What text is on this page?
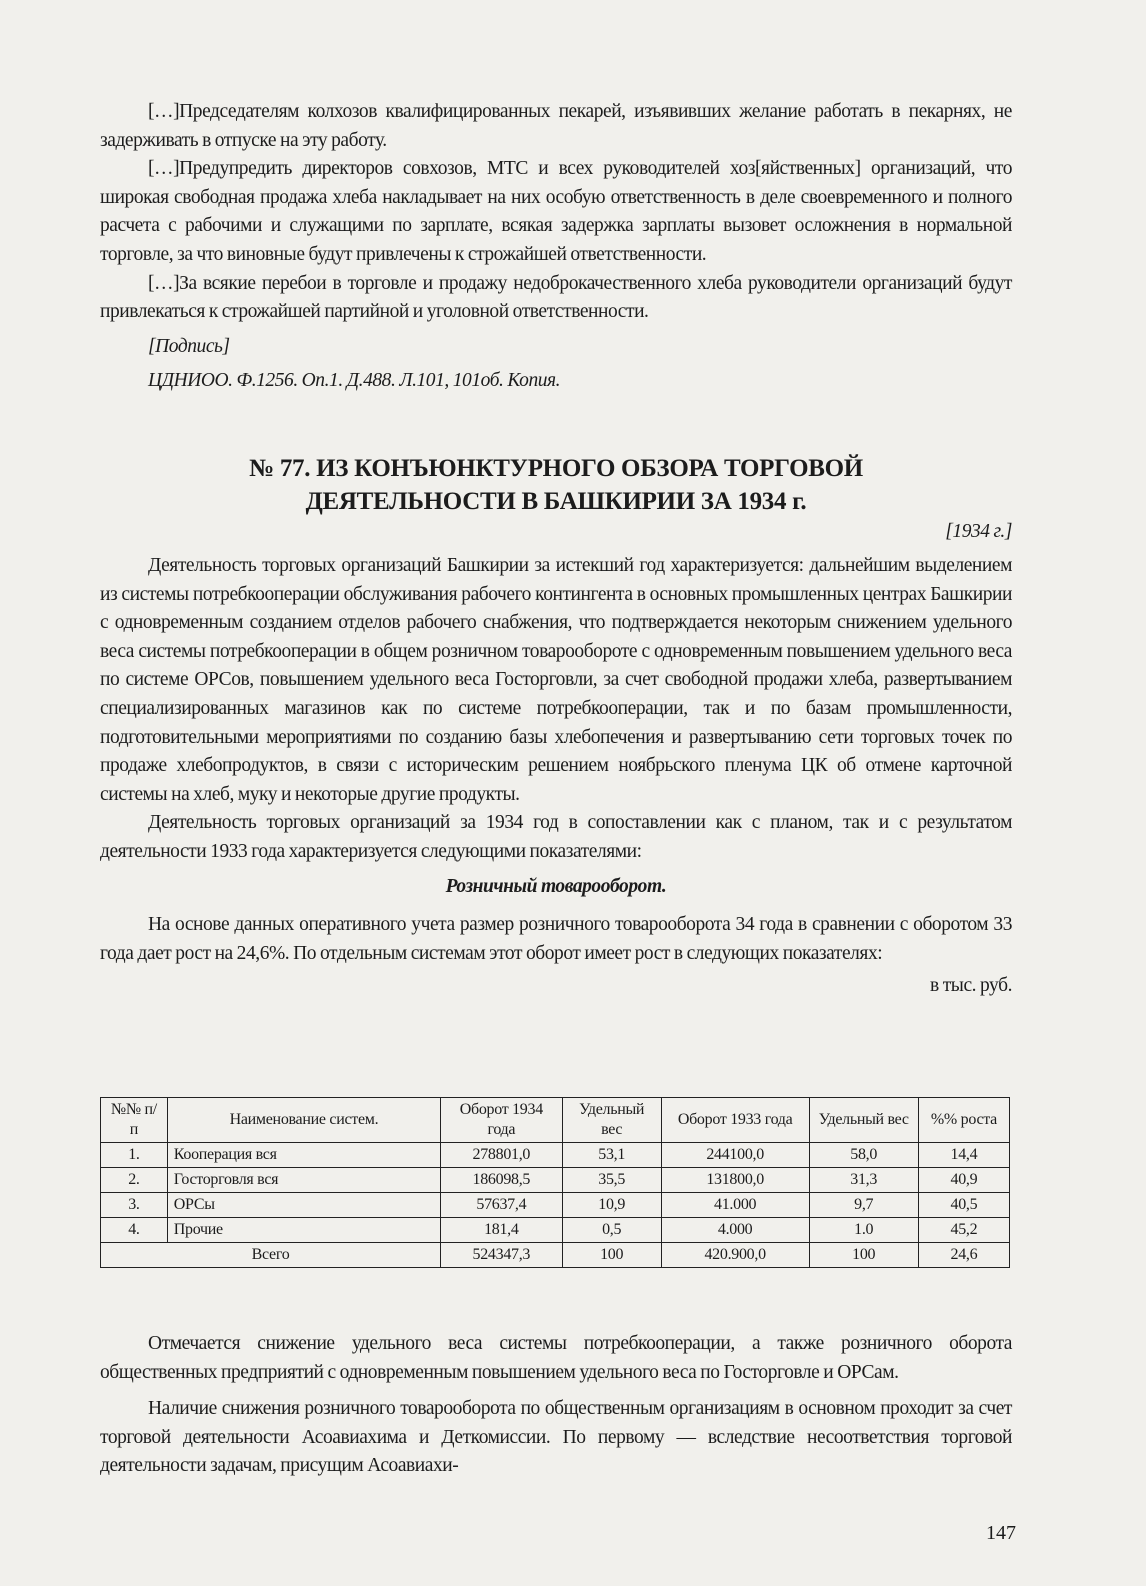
[…]Председателям колхозов квалифицированных пекарей, изъявивших желание работать в пекарнях, не задерживать в отпуске на эту работу.

[…]Предупредить директоров совхозов, МТС и всех руководителей хоз[яйственных] организаций, что широкая свободная продажа хлеба накладывает на них особую ответственность в деле своевременного и полного расчета с рабочими и служащими по зарплате, всякая задержка зарплаты вызовет осложнения в нормальной торговле, за что виновные будут привлечены к строжайшей ответственности.

[…]За всякие перебои в торговле и продажу недоброкачественного хлеба руководители организаций будут привлекаться к строжайшей партийной и уголовной ответственности.

[Подпись]

ЦДНИОО. Ф.1256. Оп.1. Д.488. Л.101, 101об. Копия.

№ 77. ИЗ КОНЪЮНКТУРНОГО ОБЗОРА ТОРГОВОЙ
ДЕЯТЕЛЬНОСТИ В БАШКИРИИ ЗА 1934 г.

[1934 г.]

Деятельность торговых организаций Башкирии за истекший год характеризуется: дальнейшим выделением из системы потребкооперации обслуживания рабочего контингента в основных промышленных центрах Башкирии с одновременным созданием отделов рабочего снабжения, что подтверждается некоторым снижением удельного веса системы потребкооперации в общем розничном товарообороте с одновременным повышением удельного веса по системе ОРСов, повышением удельного веса Госторговли, за счет свободной продажи хлеба, развертыванием специализированных магазинов как по системе потребкооперации, так и по базам промышленности, подготовительными мероприятиями по созданию базы хлебопечения и развертыванию сети торговых точек по продаже хлебопродуктов, в связи с историческим решением ноябрьского пленума ЦК об отмене карточной системы на хлеб, муку и некоторые другие продукты.

Деятельность торговых организаций за 1934 год в сопоставлении как с планом, так и с результатом деятельности 1933 года характеризуется следующими показателями:

Розничный товарооборот.

На основе данных оперативного учета размер розничного товарооборота 34 года в сравнении с оборотом 33 года дает рост на 24,6%. По отдельным системам этот оборот имеет рост в следующих показателях:

в тыс. руб.

№№ п/п	Наименование систем.	Оборот 1934 года	Удельный вес	Оборот 1933 года	Удельный вес	%% роста
1.	Кооперация вся	278801,0	53,1	244100,0	58,0	14,4
2.	Госторговля вся	186098,5	35,5	131800,0	31,3	40,9
3.	ОРСы	57637,4	10,9	41.000	9,7	40,5
4.	Прочие	181,4	0,5	4.000	1.0	45,2
Всего		524347,3	100	420.900,0	100	24,6

Отмечается снижение удельного веса системы потребкооперации, а также розничного оборота общественных предприятий с одновременным повышением удельного веса по Госторговле и ОРСам.

Наличие снижения розничного товарооборота по общественным организациям в основном проходит за счет торговой деятельности Асоавиахима и Деткомиссии. По первому — вследствие несоответствия торговой деятельности задачам, присущим Асоавиахи-

147
